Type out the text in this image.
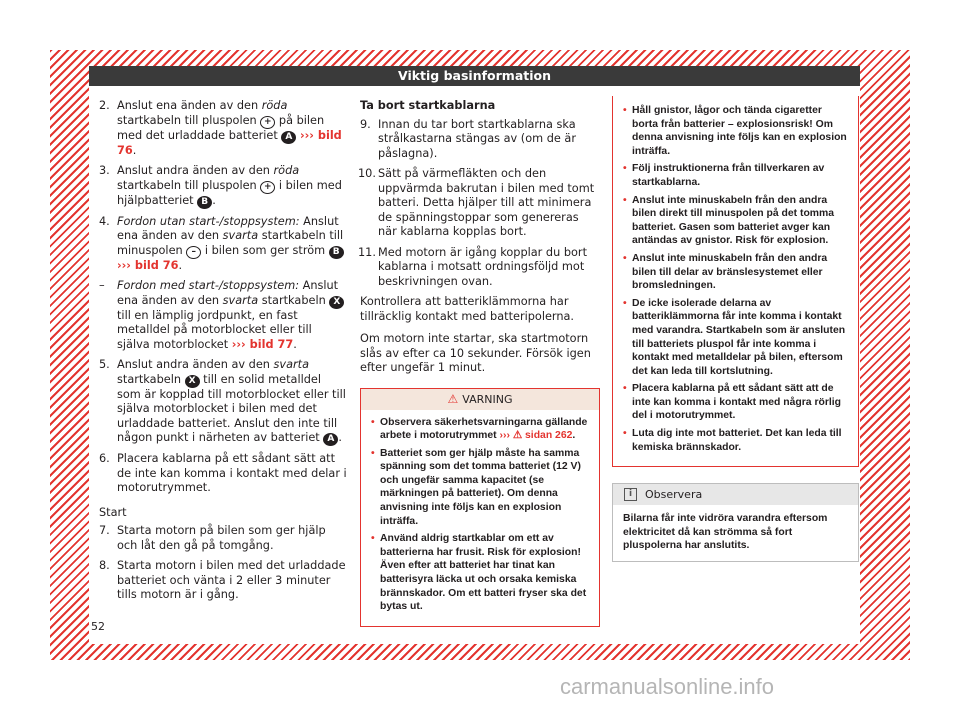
Viktig basinformation
2. Anslut ena änden av den röda startkabeln till pluspolen + på bilen med det urladdade batteriet A ››› bild 76.
3. Anslut andra änden av den röda startkabeln till pluspolen + i bilen med hjälpbatteriet B .
4. Fordon utan start-/stoppsystem: Anslut ena änden av den svarta startkabeln till minuspolen – i bilen som ger ström B
››› bild 76.
– Fordon med start-/stoppsystem: Anslut ena änden av den svarta startkabeln X till en lämplig jordpunkt, en fast metalldel på motorblocket eller till själva motorblocket ››› bild 77.
5. Anslut andra änden av den svarta startkabeln X till en solid metalldel som är kopplad till motorblocket eller till själva motorblocket i bilen med det urladdade batteriet. Anslut den inte till någon punkt i närheten av batteriet A .
6. Placera kablarna på ett sådant sätt att de inte kan komma i kontakt med delar i motorutrymmet.
Start
7. Starta motorn på bilen som ger hjälp och låt den gå på tomgång.
8. Starta motorn i bilen med det urladdade batteriet och vänta i 2 eller 3 minuter tills motorn är i gång.
Ta bort startkablarna
9. Innan du tar bort startkablarna ska strålkastarna stängas av (om de är påslagna).
10. Sätt på värmefläkten och den uppvärmda bakrutan i bilen med tomt batteri. Detta hjälper till att minimera de spänningstoppar som genereras när kablarna kopplas bort.
11. Med motorn är igång kopplar du bort kablarna i motsatt ordningsföljd mot beskrivningen ovan.

Kontrollera att batteriklämmorna har tillräcklig kontakt med batteripolerna.

Om motorn inte startar, ska startmotorn slås av efter ca 10 sekunder. Försök igen efter ungefär 1 minut.

⚠ VARNING
• Observera säkerhetsvarningarna gällande arbete i motorutrymmet ››› ⚠ sidan 262.
• Batteriet som ger hjälp måste ha samma spänning som det tomma batteriet (12 V) och ungefär samma kapacitet (se märkningen på batteriet). Om denna anvisning inte följs kan en explosion inträffa.
• Använd aldrig startkablar om ett av batterierna har frusit. Risk för explosion! Även efter att batteriet har tinat kan batterisyra läcka ut och orsaka kemiska brännskador. Om ett batteri fryser ska det bytas ut.
• Håll gnistor, lågor och tända cigaretter borta från batterier – explosionsrisk! Om denna anvisning inte följs kan en explosion inträffa.
• Följ instruktionerna från tillverkaren av startkablarna.
• Anslut inte minuskabeln från den andra bilen direkt till minuspolen på det tomma batteriet. Gasen som batteriet avger kan antändas av gnistor. Risk för explosion.
• Anslut inte minuskabeln från den andra bilen till delar av bränslesystemet eller bromsledningen.
• De icke isolerade delarna av batteriklämmorna får inte komma i kontakt med varandra. Startkabeln som är ansluten till batteriets pluspol får inte komma i kontakt med metalldelar på bilen, eftersom det kan leda till kortslutning.
• Placera kablarna på ett sådant sätt att de inte kan komma i kontakt med några rörlig del i motorutrymmet.
• Luta dig inte mot batteriet. Det kan leda till kemiska brännskador.
i	Observera
Bilarna får inte vidröra varandra eftersom elektricitet då kan strömma så fort pluspolerna har anslutits.
52
carmanualsonline.info
